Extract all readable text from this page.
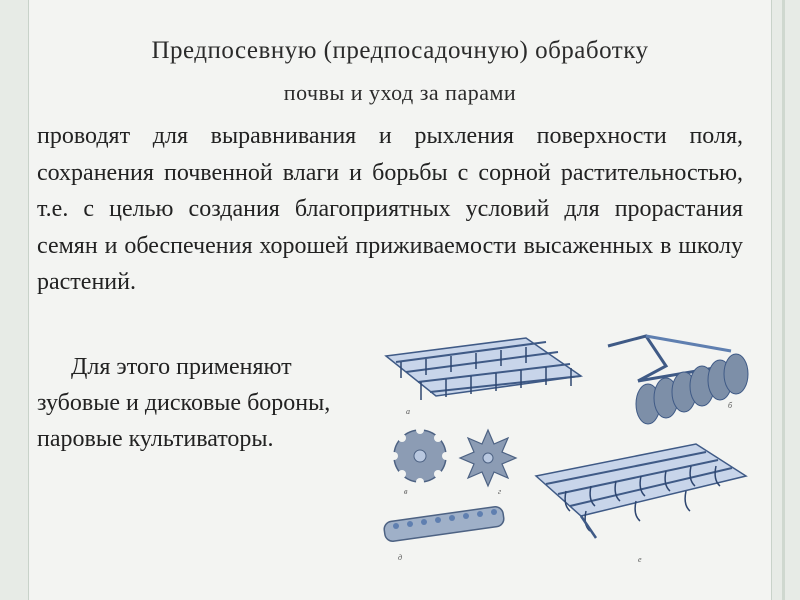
Предпосевную (предпосадочную) обработку
почвы и уход за парами

проводят для выравнивания и рыхления поверхности поля, сохранения почвенной влаги и борьбы с сорной растительностью, т.е. с целью создания благоприятных условий для прорастания семян и обеспечения хорошей приживаемости высаженных в школу растений.

Для этого применяют зубовые и дисковые бороны, паровые культиваторы.

а
б
в	г
д	е
